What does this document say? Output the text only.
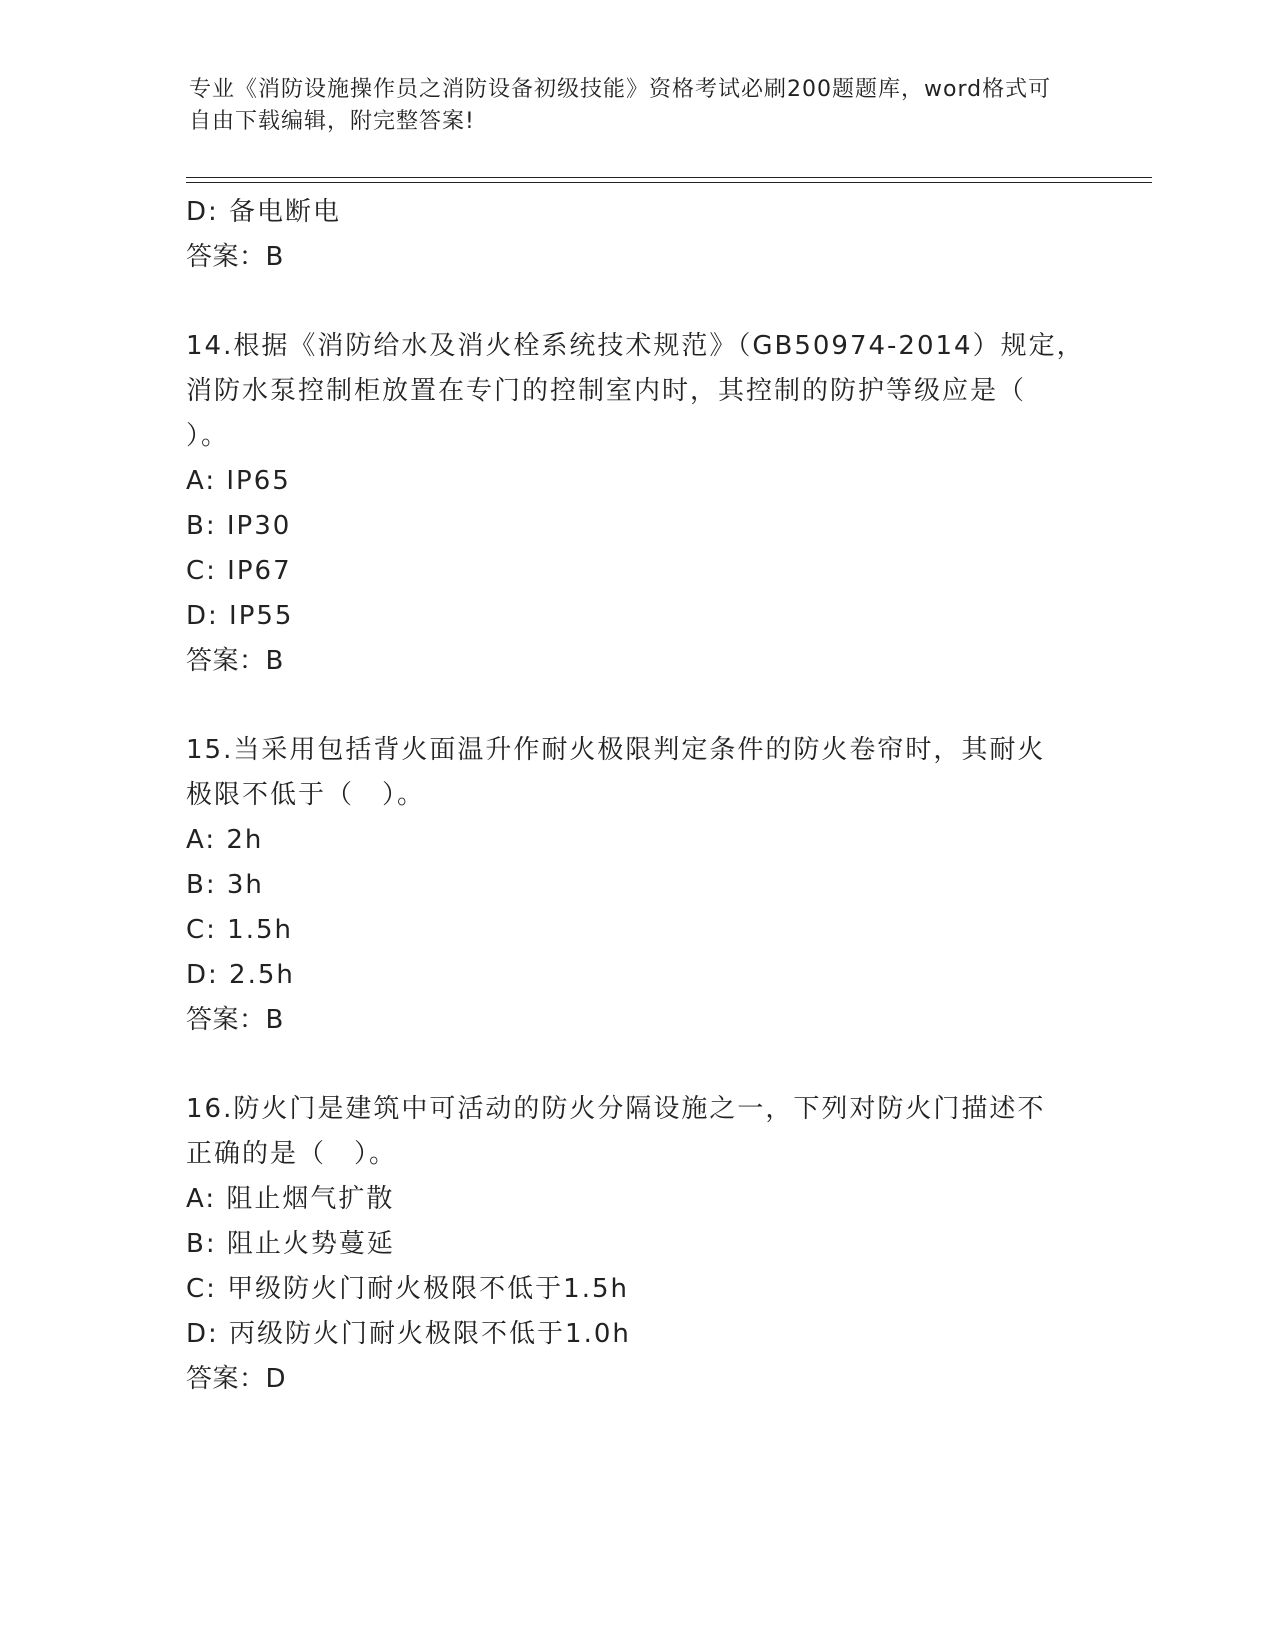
专业《消防设施操作员之消防设备初级技能》资格考试必刷200题题库，word格式可自由下载编辑，附完整答案!
D: 备电断电
答案：B
14.根据《消防给水及消火栓系统技术规范》（GB50974-2014）规定，
消防水泵控制柜放置在专门的控制室内时，其控制的防护等级应是（
）。
A: IP65
B: IP30
C: IP67
D: IP55
答案：B
15.当采用包括背火面温升作耐火极限判定条件的防火卷帘时，其耐火
极限不低于（　）。
A: 2h
B: 3h
C: 1.5h
D: 2.5h
答案：B
16.防火门是建筑中可活动的防火分隔设施之一，下列对防火门描述不
正确的是（　）。
A: 阻止烟气扩散
B: 阻止火势蔓延
C: 甲级防火门耐火极限不低于1.5h
D: 丙级防火门耐火极限不低于1.0h
答案：D
